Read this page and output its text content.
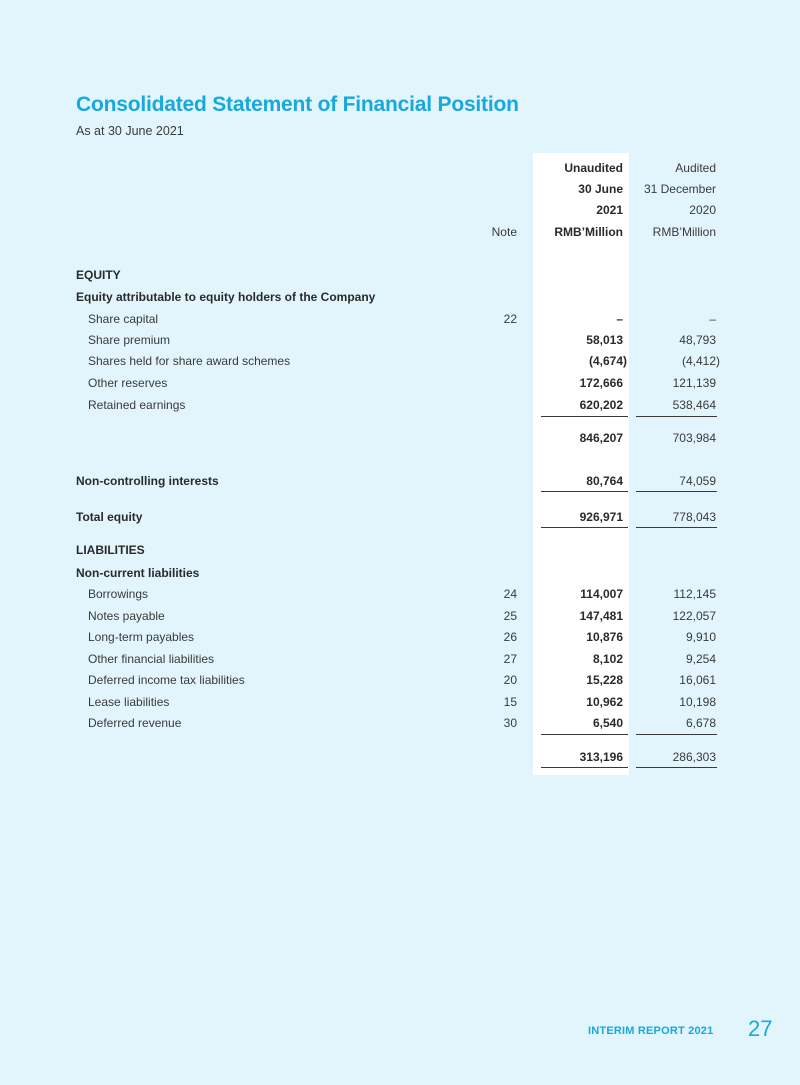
Consolidated Statement of Financial Position
As at 30 June 2021
Unaudited	Audited
30 June	31 December
2021	2020
Note	RMB’Million	RMB’Million
EQUITY
Equity attributable to equity holders of the Company
Share capital	22	–	–
Share premium	58,013	48,793
Shares held for share award schemes	(4,674)	(4,412)
Other reserves	172,666	121,139
Retained earnings	620,202	538,464
846,207	703,984
Non-controlling interests	80,764	74,059
Total equity	926,971	778,043
LIABILITIES
Non-current liabilities
Borrowings	24	114,007	112,145
Notes payable	25	147,481	122,057
Long-term payables	26	10,876	9,910
Other financial liabilities	27	8,102	9,254
Deferred income tax liabilities	20	15,228	16,061
Lease liabilities	15	10,962	10,198
Deferred revenue	30	6,540	6,678
313,196	286,303
INTERIM REPORT 2021 27
